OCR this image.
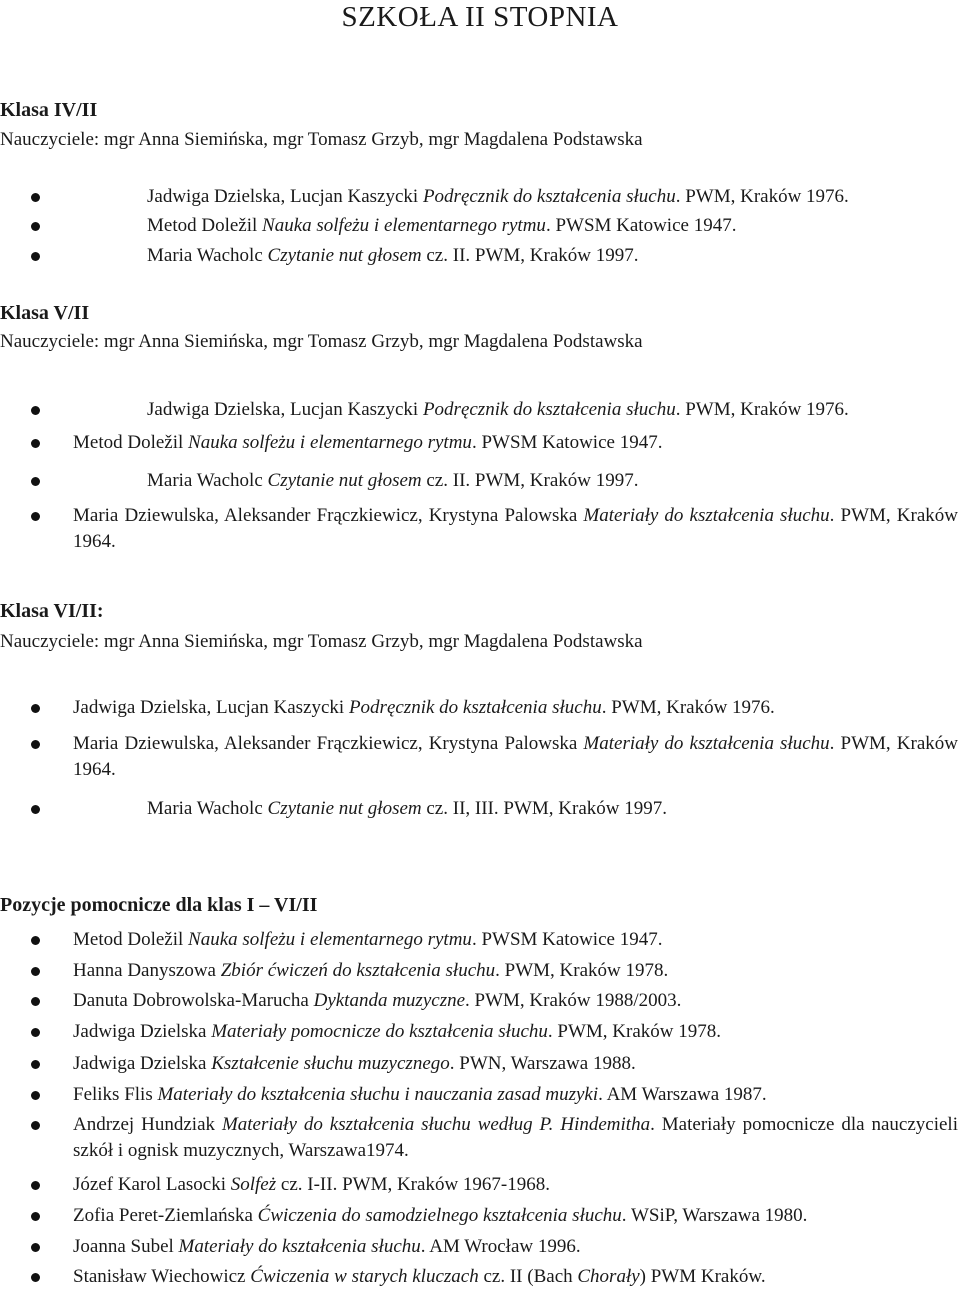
SZKOŁA II STOPNIA
Klasa IV/II
Nauczyciele: mgr Anna Siemińska, mgr Tomasz Grzyb, mgr Magdalena Podstawska
Jadwiga Dzielska, Lucjan Kaszycki Podręcznik do kształcenia słuchu. PWM, Kraków 1976.
Metod Doležil Nauka solfeżu i elementarnego rytmu. PWSM Katowice 1947.
Maria Wacholc Czytanie nut głosem cz. II. PWM, Kraków 1997.
Klasa V/II
Nauczyciele: mgr Anna Siemińska, mgr Tomasz Grzyb, mgr Magdalena Podstawska
Jadwiga Dzielska, Lucjan Kaszycki Podręcznik do kształcenia słuchu. PWM, Kraków 1976.
Metod Doležil Nauka solfeżu i elementarnego rytmu. PWSM Katowice 1947.
Maria Wacholc Czytanie nut głosem cz. II. PWM, Kraków 1997.
Maria Dziewulska, Aleksander Frączkiewicz, Krystyna Palowska Materiały do kształcenia słuchu. PWM, Kraków 1964.
Klasa VI/II:
Nauczyciele: mgr Anna Siemińska, mgr Tomasz Grzyb, mgr Magdalena Podstawska
Jadwiga Dzielska, Lucjan Kaszycki Podręcznik do kształcenia słuchu. PWM, Kraków 1976.
Maria Dziewulska, Aleksander Frączkiewicz, Krystyna Palowska Materiały do kształcenia słuchu. PWM, Kraków 1964.
Maria Wacholc Czytanie nut głosem cz. II, III. PWM, Kraków 1997.
Pozycje pomocnicze dla klas I – VI/II
Metod Doležil Nauka solfeżu i elementarnego rytmu. PWSM Katowice 1947.
Hanna Danyszowa Zbiór ćwiczeń do kształcenia słuchu. PWM, Kraków 1978.
Danuta Dobrowolska-Marucha Dyktanda muzyczne. PWM, Kraków 1988/2003.
Jadwiga Dzielska Materiały pomocnicze do kształcenia słuchu. PWM, Kraków 1978.
Jadwiga Dzielska Kształcenie słuchu muzycznego. PWN, Warszawa 1988.
Feliks Flis Materiały do kształcenia słuchu i nauczania zasad muzyki. AM Warszawa 1987.
Andrzej Hundziak Materiały do kształcenia słuchu według P. Hindemitha. Materiały pomocnicze dla nauczycieli szkół i ognisk muzycznych, Warszawa1974.
Józef Karol Lasocki Solfeż cz. I-II. PWM, Kraków 1967-1968.
Zofia Peret-Ziemlańska Ćwiczenia do samodzielnego kształcenia słuchu. WSiP, Warszawa 1980.
Joanna Subel Materiały do kształcenia słuchu. AM Wrocław 1996.
Stanisław Wiechowicz Ćwiczenia w starych kluczach cz. II (Bach Chorały) PWM Kraków.
